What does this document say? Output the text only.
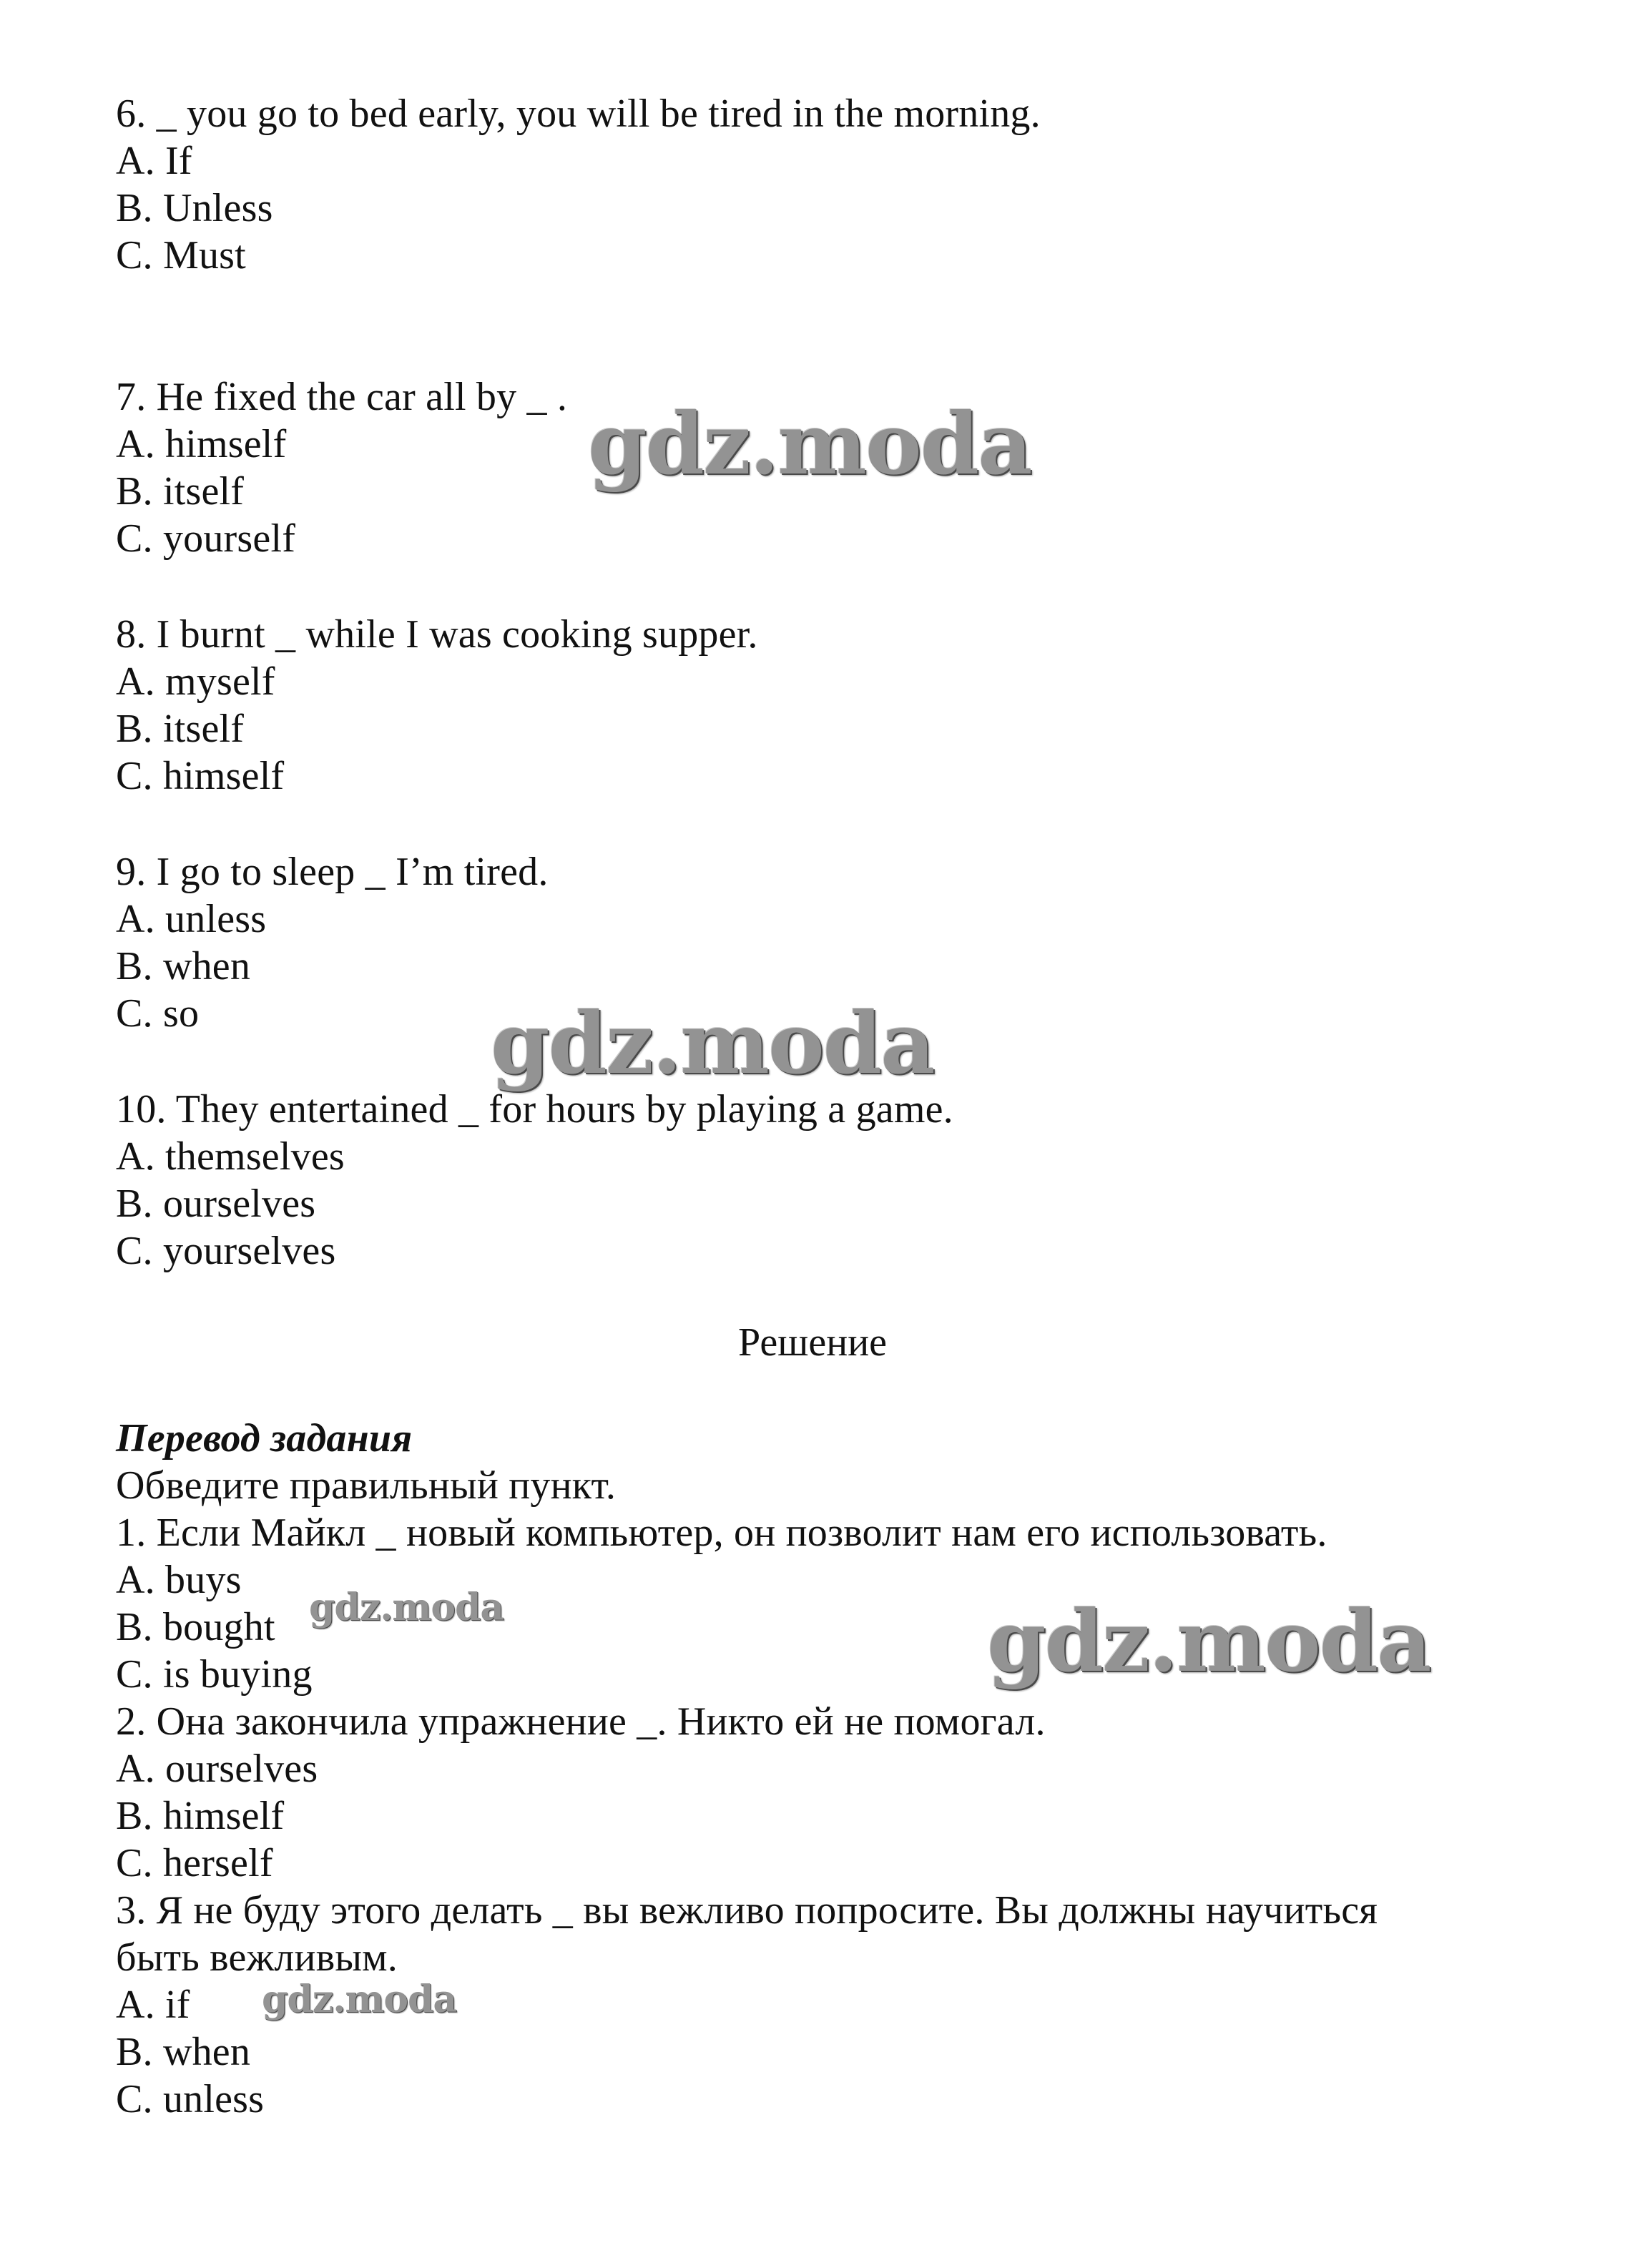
6. _ you go to bed early, you will be tired in the morning.
A. If
B. Unless
C. Must
7. He fixed the car all by _ .
A. himself
B. itself
C. yourself
8. I burnt _ while I was cooking supper.
A. myself
B. itself
C. himself
9. I go to sleep _ I’m tired.
A. unless
B. when
C. so
10. They entertained _ for hours by playing a game.
A. themselves
B. ourselves
C. yourselves
Решение
Перевод задания
Обведите правильный пункт.
1. Если Майкл _ новый компьютер, он позволит нам его использовать.
A. buys
B. bought
C. is buying
2. Она закончила упражнение _. Никто ей не помогал.
A. ourselves
B. himself
C. herself
3. Я не буду этого делать _ вы вежливо попросите. Вы должны научиться
быть вежливым.
A. if
B. when
C. unless
gdz.moda
gdz.moda
gdz.moda
gdz.moda
gdz.moda
